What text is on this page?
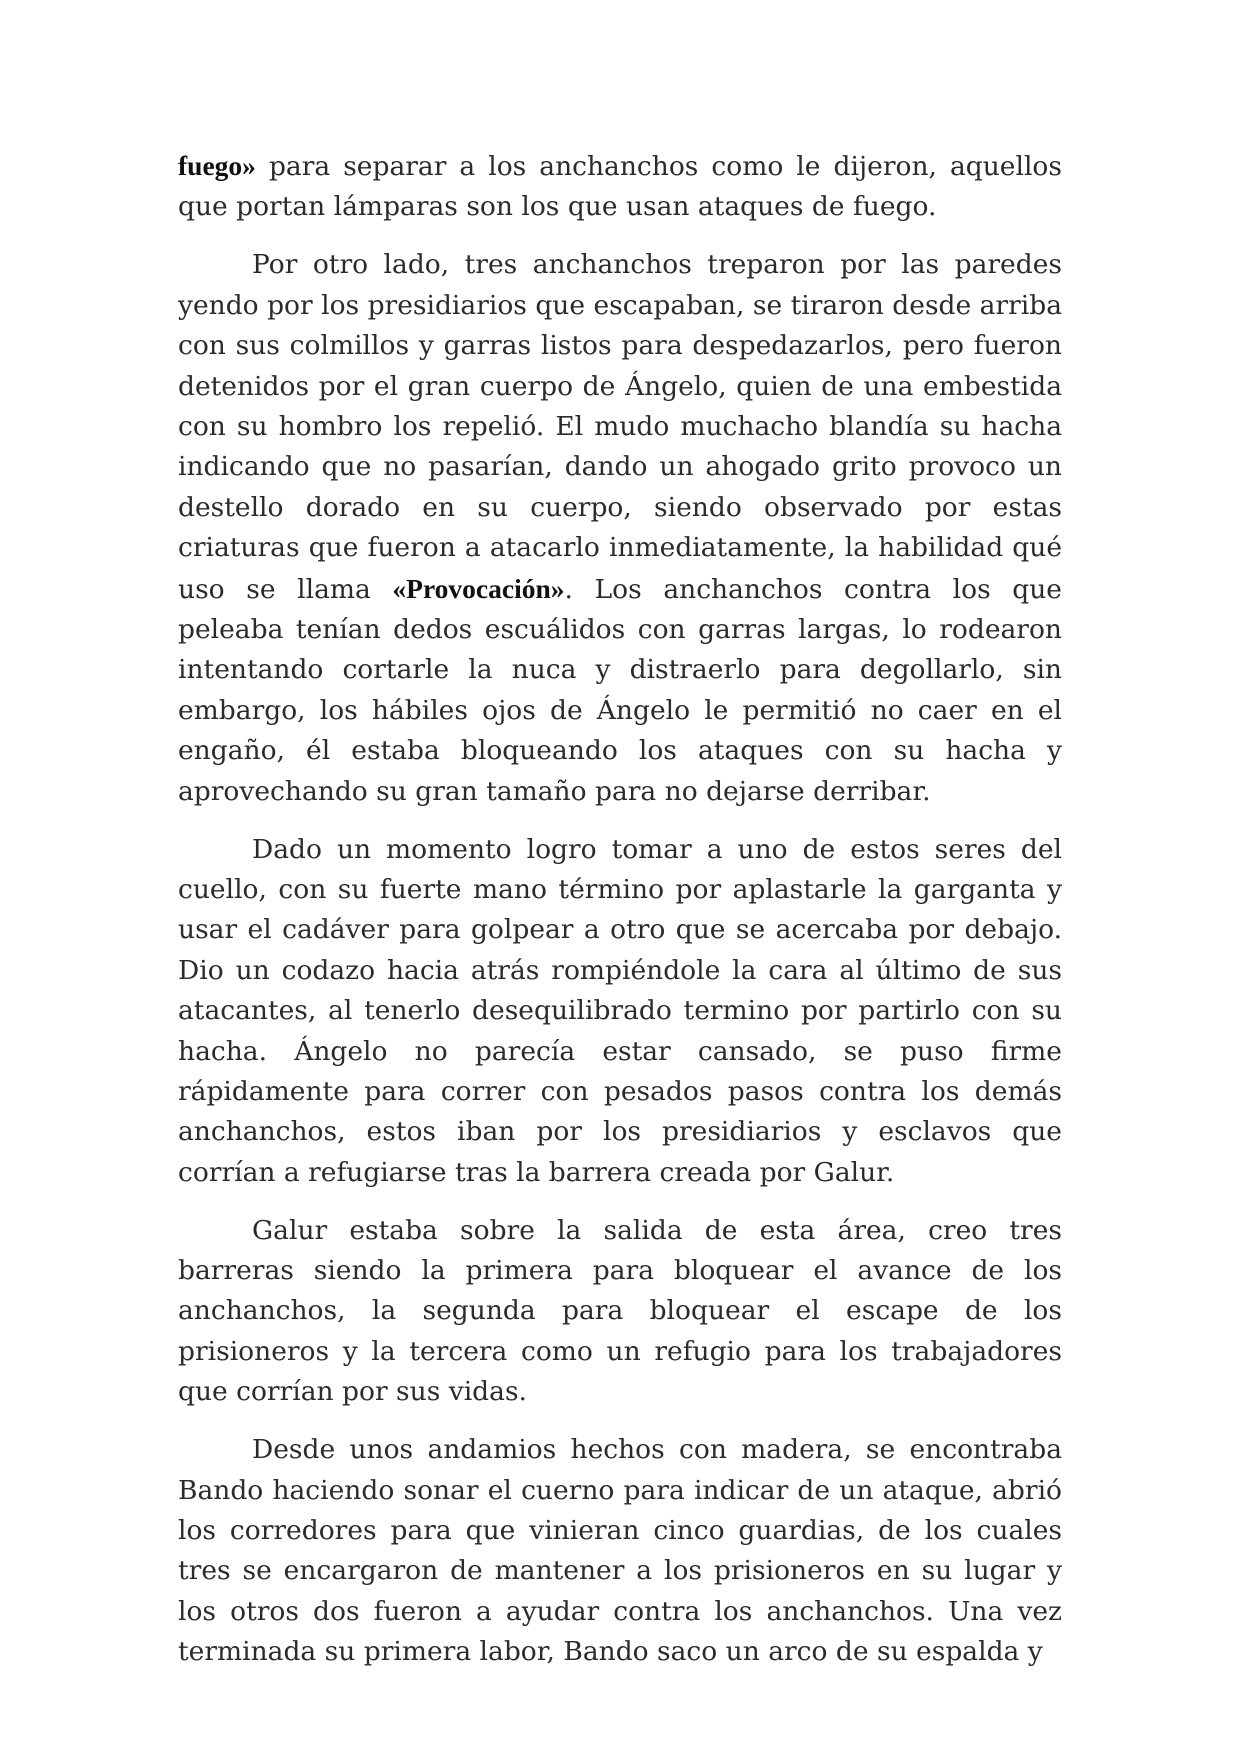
fuego» para separar a los anchanchos como le dijeron, aquellos que portan lámparas son los que usan ataques de fuego.

Por otro lado, tres anchanchos treparon por las paredes yendo por los presidiarios que escapaban, se tiraron desde arriba con sus colmillos y garras listos para despedazarlos, pero fueron detenidos por el gran cuerpo de Ángelo, quien de una embestida con su hombro los repelió. El mudo muchacho blandía su hacha indicando que no pasarían, dando un ahogado grito provoco un destello dorado en su cuerpo, siendo observado por estas criaturas que fueron a atacarlo inmediatamente, la habilidad qué uso se llama «Provocación». Los anchanchos contra los que peleaba tenían dedos escuálidos con garras largas, lo rodearon intentando cortarle la nuca y distraerlo para degollarlo, sin embargo, los hábiles ojos de Ángelo le permitió no caer en el engaño, él estaba bloqueando los ataques con su hacha y aprovechando su gran tamaño para no dejarse derribar.

Dado un momento logro tomar a uno de estos seres del cuello, con su fuerte mano término por aplastarle la garganta y usar el cadáver para golpear a otro que se acercaba por debajo. Dio un codazo hacia atrás rompiéndole la cara al último de sus atacantes, al tenerlo desequilibrado termino por partirlo con su hacha. Ángelo no parecía estar cansado, se puso firme rápidamente para correr con pesados pasos contra los demás anchanchos, estos iban por los presidiarios y esclavos que corrían a refugiarse tras la barrera creada por Galur.

Galur estaba sobre la salida de esta área, creo tres barreras siendo la primera para bloquear el avance de los anchanchos, la segunda para bloquear el escape de los prisioneros y la tercera como un refugio para los trabajadores que corrían por sus vidas.

Desde unos andamios hechos con madera, se encontraba Bando haciendo sonar el cuerno para indicar de un ataque, abrió los corredores para que vinieran cinco guardias, de los cuales tres se encargaron de mantener a los prisioneros en su lugar y los otros dos fueron a ayudar contra los anchanchos. Una vez terminada su primera labor, Bando saco un arco de su espalda y
